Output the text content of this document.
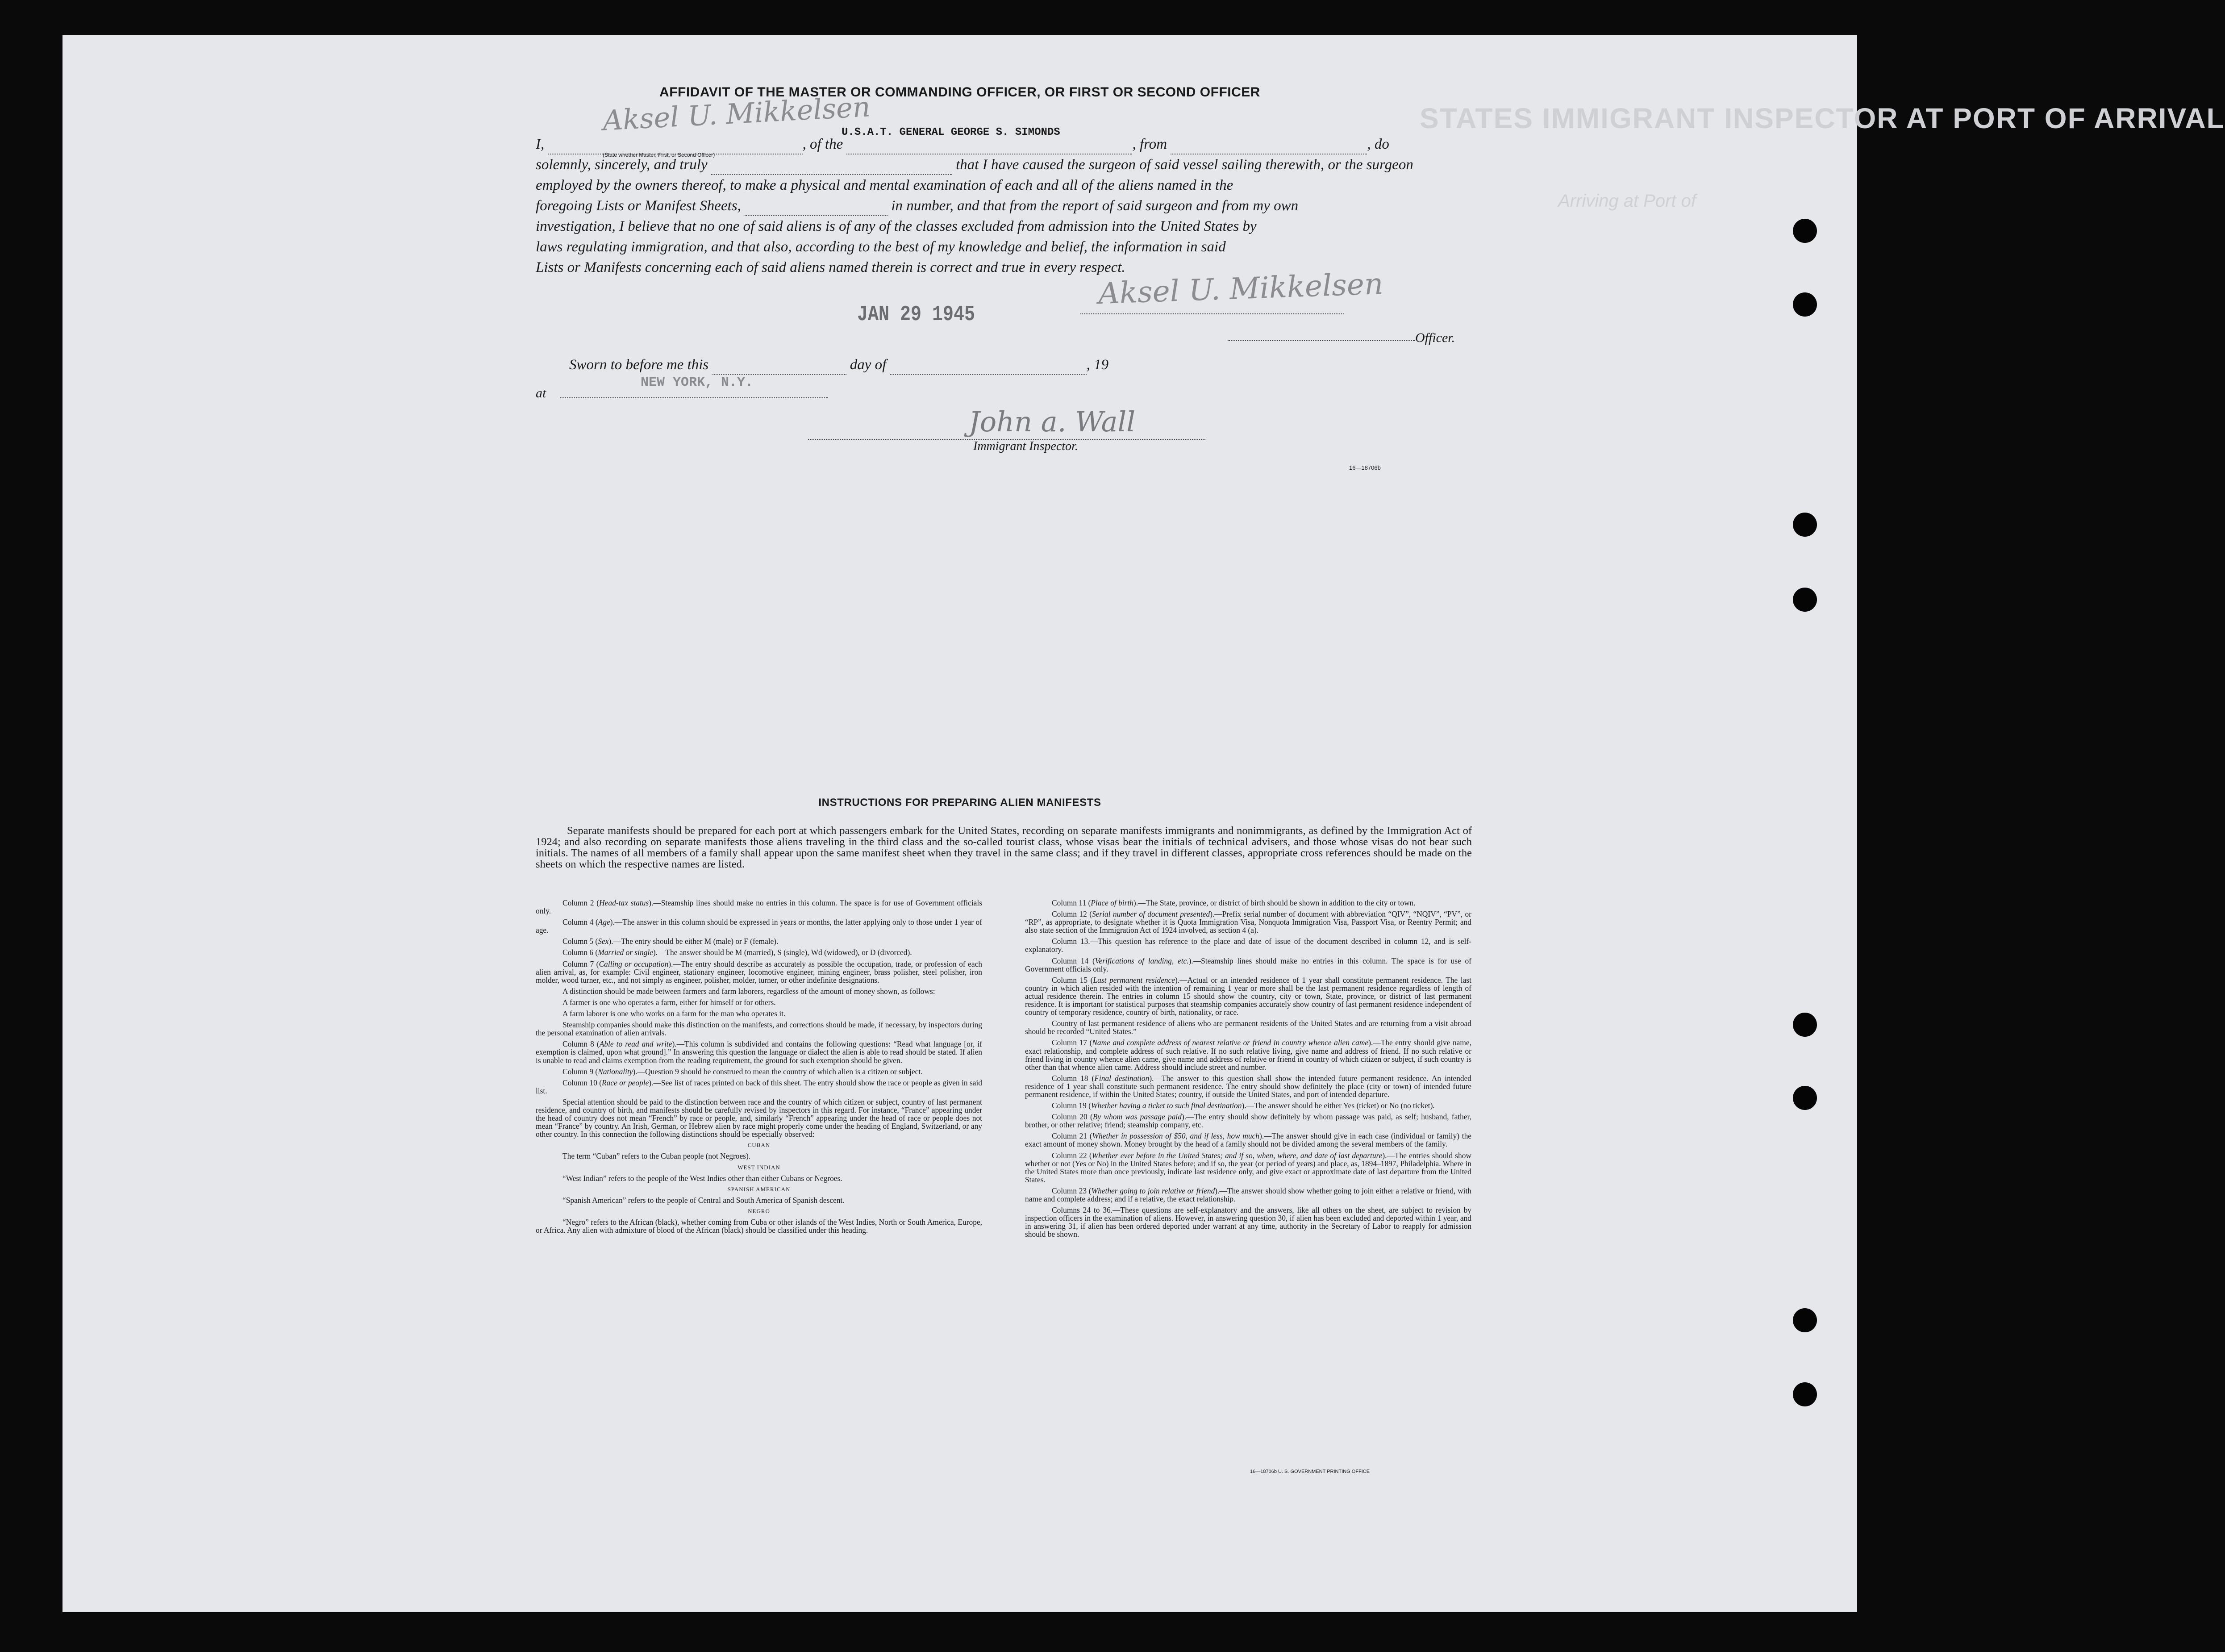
STATES IMMIGRANT INSPECTOR AT PORT OF ARRIVAL
Arriving at Port of
AFFIDAVIT OF THE MASTER OR COMMANDING OFFICER, OR FIRST OR SECOND OFFICER
Aksel U. Mikkelsen
I,	, of the	, from	, do
(State whether Master, First, or Second Officer)
U.S.A.T. GENERAL GEORGE S. SIMONDS
solemnly, sincerely, and truly	that I have caused the surgeon of said vessel sailing therewith, or the surgeon
employed by the owners thereof, to make a physical and mental examination of each and all of the aliens named in the
foregoing Lists or Manifest Sheets,	in number, and that from the report of said surgeon and from my own
investigation, I believe that no one of said aliens is of any of the classes excluded from admission into the United States by
laws regulating immigration, and that also, according to the best of my knowledge and belief, the information in said
Lists or Manifests concerning each of said aliens named therein is correct and true in every respect.
Aksel U. Mikkelsen
Officer.
JAN 29 1945
Sworn to before me this	day of	, 19
at
NEW YORK, N.Y.
John a. Wall
Immigrant Inspector.
16—18706b
INSTRUCTIONS FOR PREPARING ALIEN MANIFESTS
Separate manifests should be prepared for each port at which passengers embark for the United States, recording on separate manifests immigrants and nonimmigrants, as defined by the Immigration Act of 1924; and also recording on separate manifests those aliens traveling in the third class and the so-called tourist class, whose visas bear the initials of technical advisers, and those whose visas do not bear such initials. The names of all members of a family shall appear upon the same manifest sheet when they travel in the same class; and if they travel in different classes, appropriate cross references should be made on the sheets on which the respective names are listed.

Column 2 (Head-tax status).—Steamship lines should make no entries in this column. The space is for use of Government officials only.

Column 4 (Age).—The answer in this column should be expressed in years or months, the latter applying only to those under 1 year of age.

Column 5 (Sex).—The entry should be either M (male) or F (female).

Column 6 (Married or single).—The answer should be M (married), S (single), Wd (widowed), or D (divorced).

Column 7 (Calling or occupation).—The entry should describe as accurately as possible the occupation, trade, or profession of each alien arrival, as, for example: Civil engineer, stationary engineer, locomotive engineer, mining engineer, brass polisher, steel polisher, iron molder, wood turner, etc., and not simply as engineer, polisher, molder, turner, or other indefinite designations.

A distinction should be made between farmers and farm laborers, regardless of the amount of money shown, as follows:

A farmer is one who operates a farm, either for himself or for others.

A farm laborer is one who works on a farm for the man who operates it.

Steamship companies should make this distinction on the manifests, and corrections should be made, if necessary, by inspectors during the personal examination of alien arrivals.

Column 8 (Able to read and write).—This column is subdivided and contains the following questions: “Read what language [or, if exemption is claimed, upon what ground].” In answering this question the language or dialect the alien is able to read should be stated. If alien is unable to read and claims exemption from the reading requirement, the ground for such exemption should be given.

Column 9 (Nationality).—Question 9 should be construed to mean the country of which alien is a citizen or subject.

Column 10 (Race or people).—See list of races printed on back of this sheet. The entry should show the race or people as given in said list.

Special attention should be paid to the distinction between race and the country of which citizen or subject, country of last permanent residence, and country of birth, and manifests should be carefully revised by inspectors in this regard. For instance, “France” appearing under the head of country does not mean “French” by race or people, and, similarly “French” appearing under the head of race or people does not mean “France” by country. An Irish, German, or Hebrew alien by race might properly come under the heading of England, Switzerland, or any other country. In this connection the following distinctions should be especially observed:

CUBAN

The term “Cuban” refers to the Cuban people (not Negroes).

WEST INDIAN

“West Indian” refers to the people of the West Indies other than either Cubans or Negroes.

SPANISH AMERICAN

“Spanish American” refers to the people of Central and South America of Spanish descent.

NEGRO

“Negro” refers to the African (black), whether coming from Cuba or other islands of the West Indies, North or South America, Europe, or Africa. Any alien with admixture of blood of the African (black) should be classified under this heading.

Column 11 (Place of birth).—The State, province, or district of birth should be shown in addition to the city or town.

Column 12 (Serial number of document presented).—Prefix serial number of document with abbreviation “QIV”, “NQIV”, “PV”, or “RP”, as appropriate, to designate whether it is Quota Immigration Visa, Nonquota Immigration Visa, Passport Visa, or Reentry Permit; and also state section of the Immigration Act of 1924 involved, as section 4 (a).

Column 13.—This question has reference to the place and date of issue of the document described in column 12, and is self-explanatory.

Column 14 (Verifications of landing, etc.).—Steamship lines should make no entries in this column. The space is for use of Government officials only.

Column 15 (Last permanent residence).—Actual or an intended residence of 1 year shall constitute permanent residence. The last country in which alien resided with the intention of remaining 1 year or more shall be the last permanent residence regardless of length of actual residence therein. The entries in column 15 should show the country, city or town, State, province, or district of last permanent residence. It is important for statistical purposes that steamship companies accurately show country of last permanent residence independent of country of temporary residence, country of birth, nationality, or race.

Country of last permanent residence of aliens who are permanent residents of the United States and are returning from a visit abroad should be recorded “United States.”

Column 17 (Name and complete address of nearest relative or friend in country whence alien came).—The entry should give name, exact relationship, and complete address of such relative. If no such relative living, give name and address of friend. If no such relative or friend living in country whence alien came, give name and address of relative or friend in country of which citizen or subject, if such country is other than that whence alien came. Address should include street and number.

Column 18 (Final destination).—The answer to this question shall show the intended future permanent residence. An intended residence of 1 year shall constitute such permanent residence. The entry should show definitely the place (city or town) of intended future permanent residence, if within the United States; country, if outside the United States, and port of intended departure.

Column 19 (Whether having a ticket to such final destination).—The answer should be either Yes (ticket) or No (no ticket).

Column 20 (By whom was passage paid).—The entry should show definitely by whom passage was paid, as self; husband, father, brother, or other relative; friend; steamship company, etc.

Column 21 (Whether in possession of $50, and if less, how much).—The answer should give in each case (individual or family) the exact amount of money shown. Money brought by the head of a family should not be divided among the several members of the family.

Column 22 (Whether ever before in the United States; and if so, when, where, and date of last departure).—The entries should show whether or not (Yes or No) in the United States before; and if so, the year (or period of years) and place, as, 1894–1897, Philadelphia. Where in the United States more than once previously, indicate last residence only, and give exact or approximate date of last departure from the United States.

Column 23 (Whether going to join relative or friend).—The answer should show whether going to join either a relative or friend, with name and complete address; and if a relative, the exact relationship.

Columns 24 to 36.—These questions are self-explanatory and the answers, like all others on the sheet, are subject to revision by inspection officers in the examination of aliens. However, in answering question 30, if alien has been excluded and deported within 1 year, and in answering 31, if alien has been ordered deported under warrant at any time, authority in the Secretary of Labor to reapply for admission should be shown.

16—18706b U. S. GOVERNMENT PRINTING OFFICE
